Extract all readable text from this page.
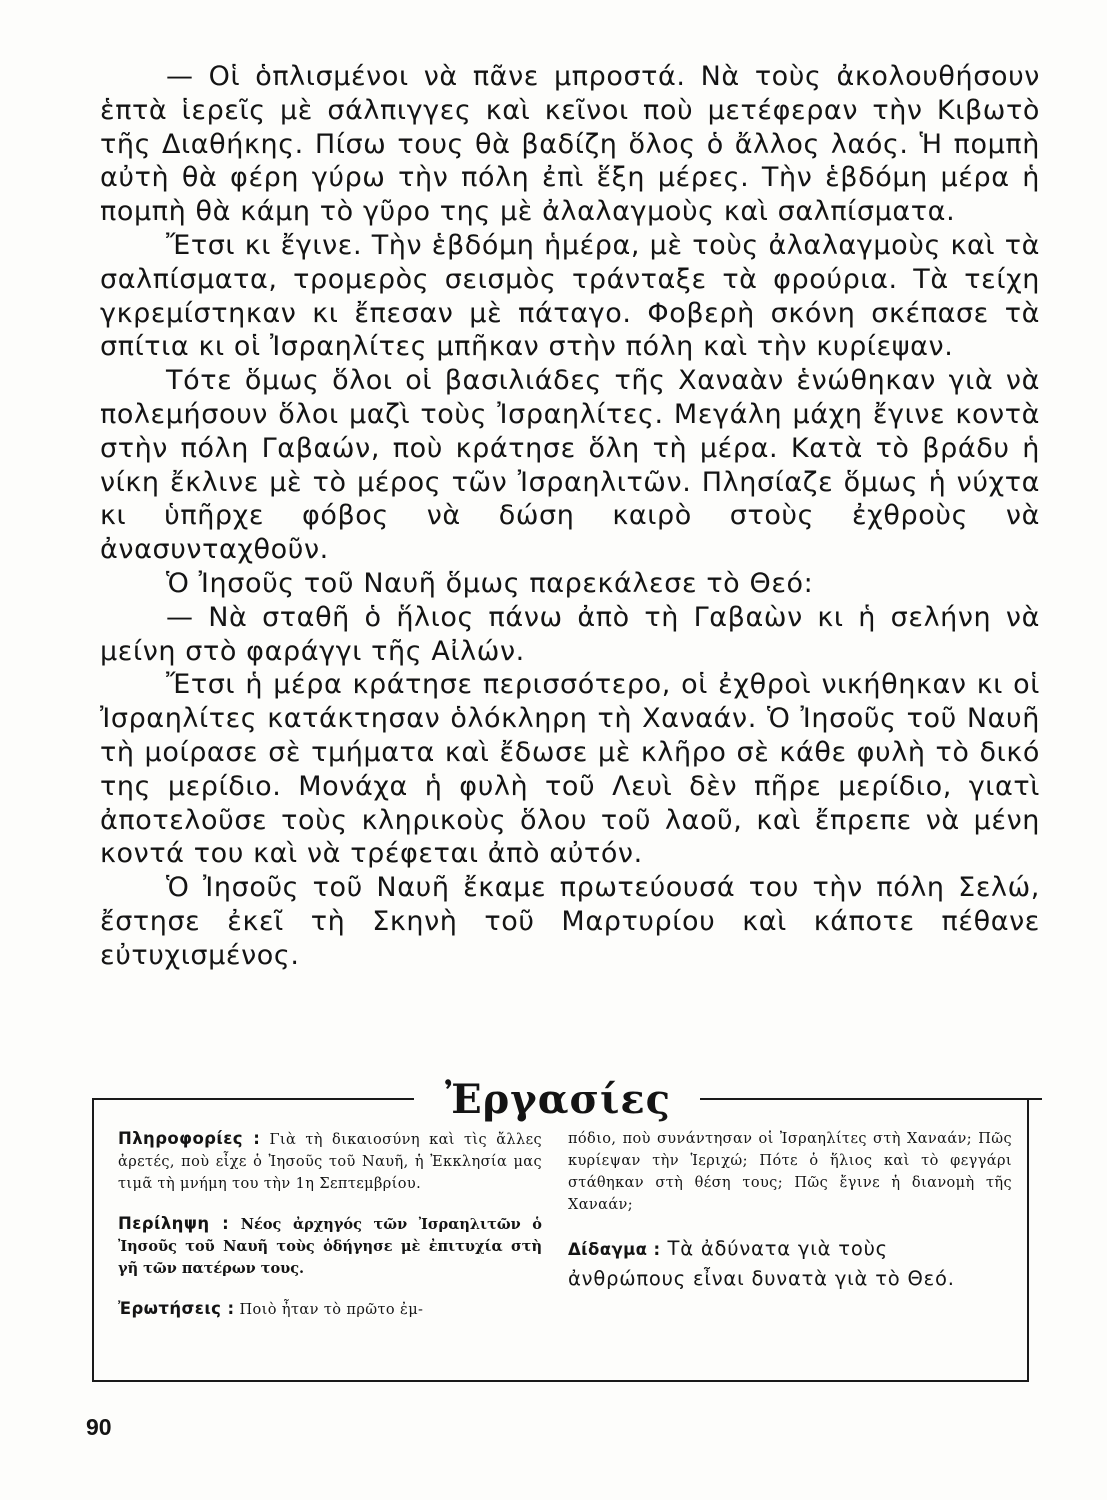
— Οἱ ὁπλισμένοι νὰ πᾶνε μπροστά. Νὰ τοὺς ἀκολουθήσουν ἑπτὰ ἱερεῖς μὲ σάλπιγγες καὶ κεῖνοι ποὺ μετέφεραν τὴν Κιβωτὸ τῆς Διαθήκης. Πίσω τους θὰ βαδίζη ὅλος ὁ ἄλλος λαός. Ἡ πομπὴ αὐτὴ θὰ φέρη γύρω τὴν πόλη ἐπὶ ἕξη μέρες. Τὴν ἑβδόμη μέρα ἡ πομπὴ θὰ κάμη τὸ γῦρο της μὲ ἀλαλαγμοὺς καὶ σαλπίσματα.

Ἔτσι κι ἔγινε. Τὴν ἑβδόμη ἡμέρα, μὲ τοὺς ἀλαλαγμοὺς καὶ τὰ σαλπίσματα, τρομερὸς σεισμὸς τράνταξε τὰ φρούρια. Τὰ τείχη γκρεμίστηκαν κι ἔπεσαν μὲ πάταγο. Φοβερὴ σκόνη σκέπασε τὰ σπίτια κι οἱ Ἰσραηλίτες μπῆκαν στὴν πόλη καὶ τὴν κυρίεψαν.

Τότε ὅμως ὅλοι οἱ βασιλιάδες τῆς Χαναὰν ἑνώθηκαν γιὰ νὰ πολεμήσουν ὅλοι μαζὶ τοὺς Ἰσραηλίτες. Μεγάλη μάχη ἔγινε κοντὰ στὴν πόλη Γαβαών, ποὺ κράτησε ὅλη τὴ μέρα. Κατὰ τὸ βράδυ ἡ νίκη ἔκλινε μὲ τὸ μέρος τῶν Ἰσραηλιτῶν. Πλησίαζε ὅμως ἡ νύχτα κι ὑπῆρχε φόβος νὰ δώση καιρὸ στοὺς ἐχθροὺς νὰ ἀνασυνταχθοῦν.

Ὁ Ἰησοῦς τοῦ Ναυῆ ὅμως παρεκάλεσε τὸ Θεό:

— Νὰ σταθῆ ὁ ἥλιος πάνω ἀπὸ τὴ Γαβαὼν κι ἡ σελήνη νὰ μείνη στὸ φαράγγι τῆς Αἰλών.

Ἔτσι ἡ μέρα κράτησε περισσότερο, οἱ ἐχθροὶ νικήθηκαν κι οἱ Ἰσραηλίτες κατάκτησαν ὁλόκληρη τὴ Χαναάν. Ὁ Ἰησοῦς τοῦ Ναυῆ τὴ μοίρασε σὲ τμήματα καὶ ἔδωσε μὲ κλῆρο σὲ κάθε φυλὴ τὸ δικό της μερίδιο. Μονάχα ἡ φυλὴ τοῦ Λευὶ δὲν πῆρε μερίδιο, γιατὶ ἀποτελοῦσε τοὺς κληρικοὺς ὅλου τοῦ λαοῦ, καὶ ἔπρεπε νὰ μένη κοντά του καὶ νὰ τρέφεται ἀπὸ αὐτόν.

Ὁ Ἰησοῦς τοῦ Ναυῆ ἔκαμε πρωτεύουσά του τὴν πόλη Σελώ, ἔστησε ἐκεῖ τὴ Σκηνὴ τοῦ Μαρτυρίου καὶ κάποτε πέθανε εὐτυχισμένος.

Ἐργασίες
Πληροφορίες : Γιὰ τὴ δικαιοσύνη καὶ τὶς ἄλλες ἀρετές, ποὺ εἶχε ὁ Ἰησοῦς τοῦ Ναυῆ, ἡ Ἐκκλησία μας τιμᾶ τὴ μνήμη του τὴν 1η Σεπτεμβρίου.
Περίληψη : Νέος ἀρχηγός τῶν Ἰσραηλιτῶν ὁ Ἰησοῦς τοῦ Ναυῆ τοὺς ὁδήγησε μὲ ἐπιτυχία στὴ γῆ τῶν πατέρων τους.
Ἐρωτήσεις : Ποιὸ ἦταν τὸ πρῶτο ἐμ-
πόδιο, ποὺ συνάντησαν οἱ Ἰσραηλίτες στὴ Χαναάν; Πῶς κυρίεψαν τὴν Ἱεριχώ; Πότε ὁ ἥλιος καὶ τὸ φεγγάρι στάθηκαν στὴ θέση τους; Πῶς ἔγινε ἡ διανομὴ τῆς Χαναάν;
Δίδαγμα : Τὰ ἀδύνατα γιὰ τοὺς ἀνθρώπους εἶναι δυνατὰ γιὰ τὸ Θεό.
90
